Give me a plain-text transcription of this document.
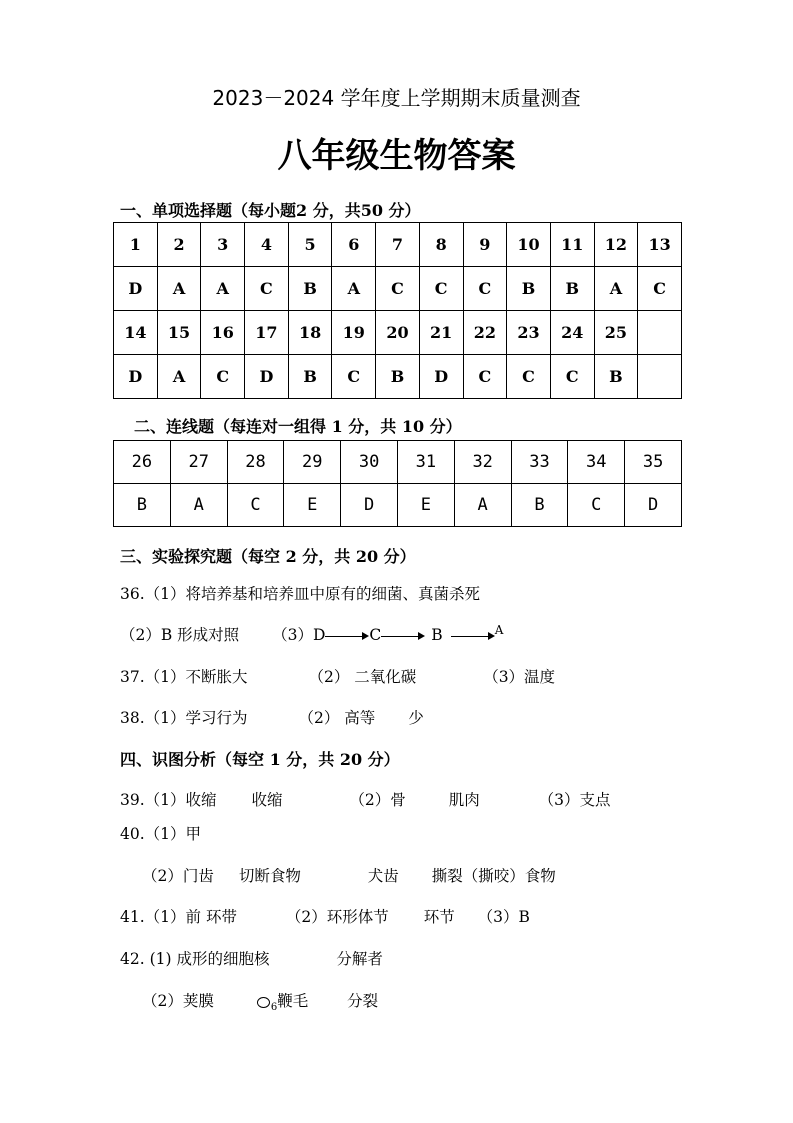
2023－2024 学年度上学期期末质量测查
八年级生物答案
一、单项选择题（每小题2 分，共50 分）
1	2	3	4	5	6	7	8	9	10	11	12	13
D	A	A	C	B	A	C	C	C	B	B	A	C
14	15	16	17	18	19	20	21	22	23	24	25	
D	A	C	D	B	C	B	D	C	C	C	B	
二、连线题（每连对一组得 1 分，共 10 分）
26	27	28	29	30	31	32	33	34	35
B	A	C	E	D	E	A	B	C	D
三、实验探究题（每空 2 分，共 20 分）
36.（1）将培养基和培养皿中原有的细菌、真菌杀死
（2）B 形成对照 （3）D	C	B	A
37.（1）不断胀大	（2） 二氧化碳	（3）温度
38.（1）学习行为	（2） 高等 少
四、识图分析（每空 1 分，共 20 分）
39.（1）收缩 收缩	（2）骨	肌肉	（3）支点
40.（1）甲
（2）门齿 切断食物	犬齿 撕裂（撕咬）食物
41.（1）前 环带	（2）环形体节 环节 （3）B
42. (1) 成形的细胞核	分解者
（2）荚膜	6鞭毛	分裂
